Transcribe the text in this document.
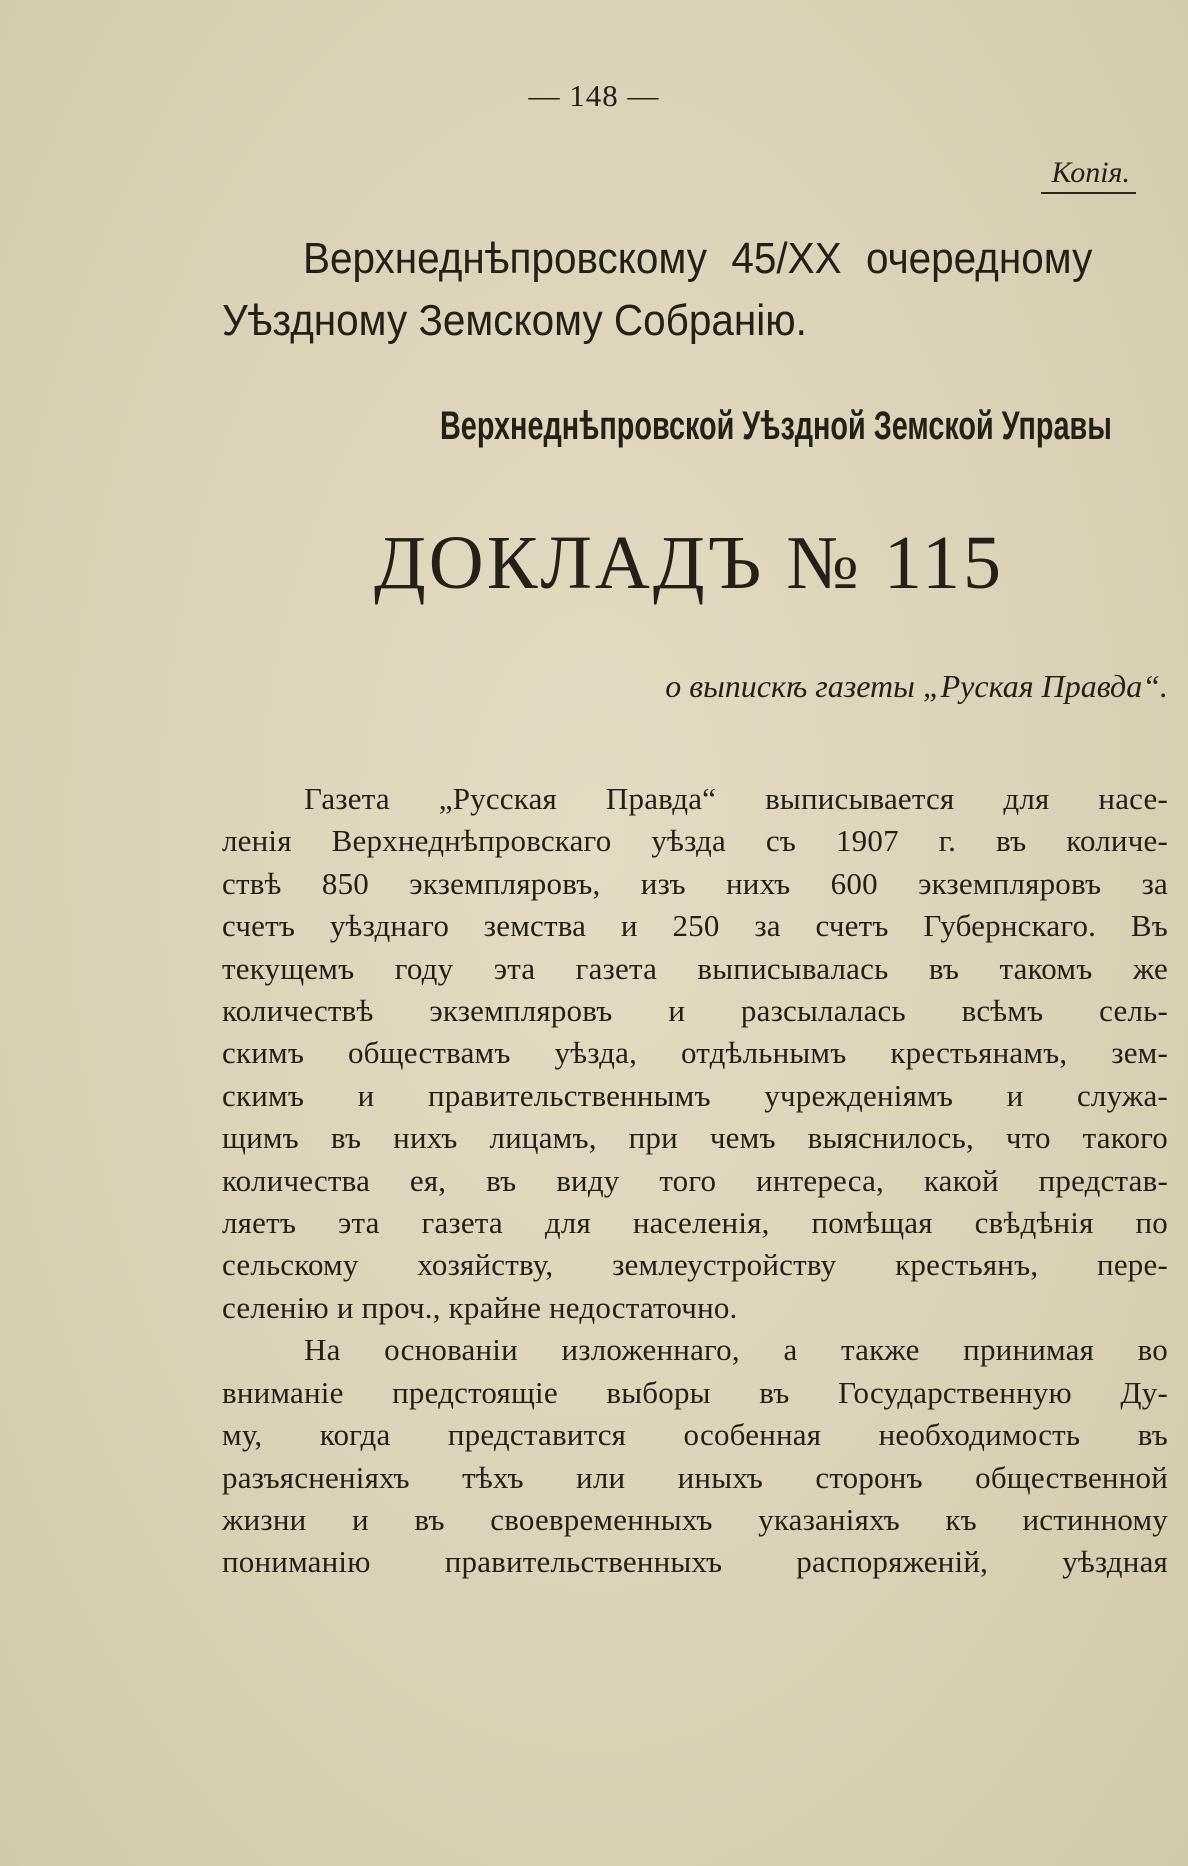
— 148 —
Копія.
Верхнеднѣпровскому 45/XX очередному
Уѣздному Земскому Собранію.
Верхнеднѣпровской Уѣздной Земской Управы
ДОКЛАДЪ № 115
о выпискѣ газеты „Руская Правда“.
Газета „Русская Правда“ выписывается для насе-
ленія Верхнеднѣпровскаго уѣзда съ 1907 г. въ количе-
ствѣ 850 экземпляровъ, изъ нихъ 600 экземпляровъ за
счетъ уѣзднаго земства и 250 за счетъ Губернскаго. Въ
текущемъ году эта газета выписывалась въ такомъ же
количествѣ экземпляровъ и разсылалась всѣмъ сель-
скимъ обществамъ уѣзда, отдѣльнымъ крестьянамъ, зем-
скимъ и правительственнымъ учрежденіямъ и служа-
щимъ въ нихъ лицамъ, при чемъ выяснилось, что такого
количества ея, въ виду того интереса, какой представ-
ляетъ эта газета для населенія, помѣщая свѣдѣнія по
сельскому хозяйству, землеустройству крестьянъ, пере-
селенію и проч., крайне недостаточно.
На основаніи изложеннаго, а также принимая во
вниманіе предстоящіе выборы въ Государственную Ду-
му, когда представится особенная необходимость въ
разъясненіяхъ тѣхъ или иныхъ сторонъ общественной
жизни и въ своевременныхъ указаніяхъ къ истинному
пониманію правительственныхъ распоряженій, уѣздная
